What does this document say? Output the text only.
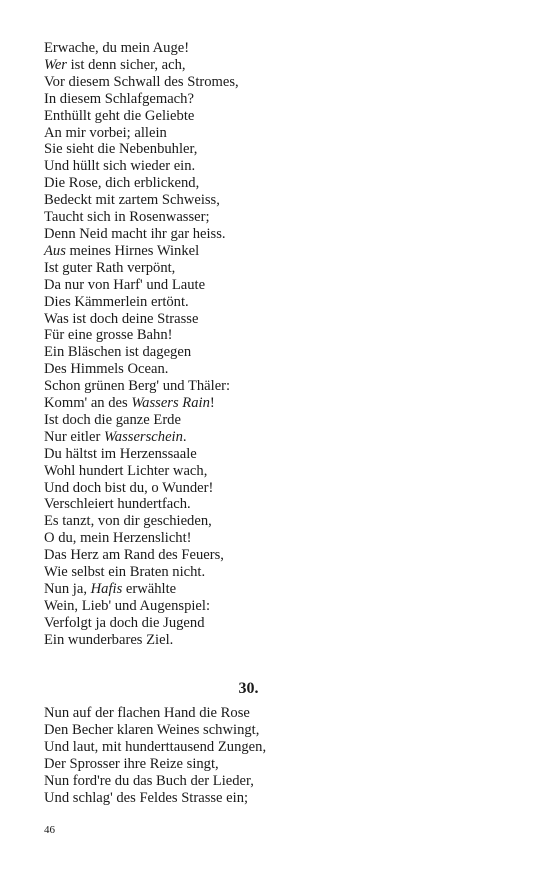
Erwache, du mein Auge!
Wer ist denn sicher, ach,
Vor diesem Schwall des Stromes,
In diesem Schlafgemach?
Enthüllt geht die Geliebte
An mir vorbei; allein
Sie sieht die Nebenbuhler,
Und hüllt sich wieder ein.
Die Rose, dich erblickend,
Bedeckt mit zartem Schweiss,
Taucht sich in Rosenwasser;
Denn Neid macht ihr gar heiss.
Aus meines Hirnes Winkel
Ist guter Rath verpönt,
Da nur von Harf' und Laute
Dies Kämmerlein ertönt.
Was ist doch deine Strasse
Für eine grosse Bahn!
Ein Bläschen ist dagegen
Des Himmels Ocean.
Schon grünen Berg' und Thäler:
Komm' an des Wassers Rain!
Ist doch die ganze Erde
Nur eitler Wasserschein.
Du hältst im Herzenssaale
Wohl hundert Lichter wach,
Und doch bist du, o Wunder!
Verschleiert hundertfach.
Es tanzt, von dir geschieden,
O du, mein Herzenslicht!
Das Herz am Rand des Feuers,
Wie selbst ein Braten nicht.
Nun ja, Hafis erwählte
Wein, Lieb' und Augenspiel:
Verfolgt ja doch die Jugend
Ein wunderbares Ziel.
30.
Nun auf der flachen Hand die Rose
Den Becher klaren Weines schwingt,
Und laut, mit hunderttausend Zungen,
Der Sprosser ihre Reize singt,
Nun ford're du das Buch der Lieder,
Und schlag' des Feldes Strasse ein;
46
